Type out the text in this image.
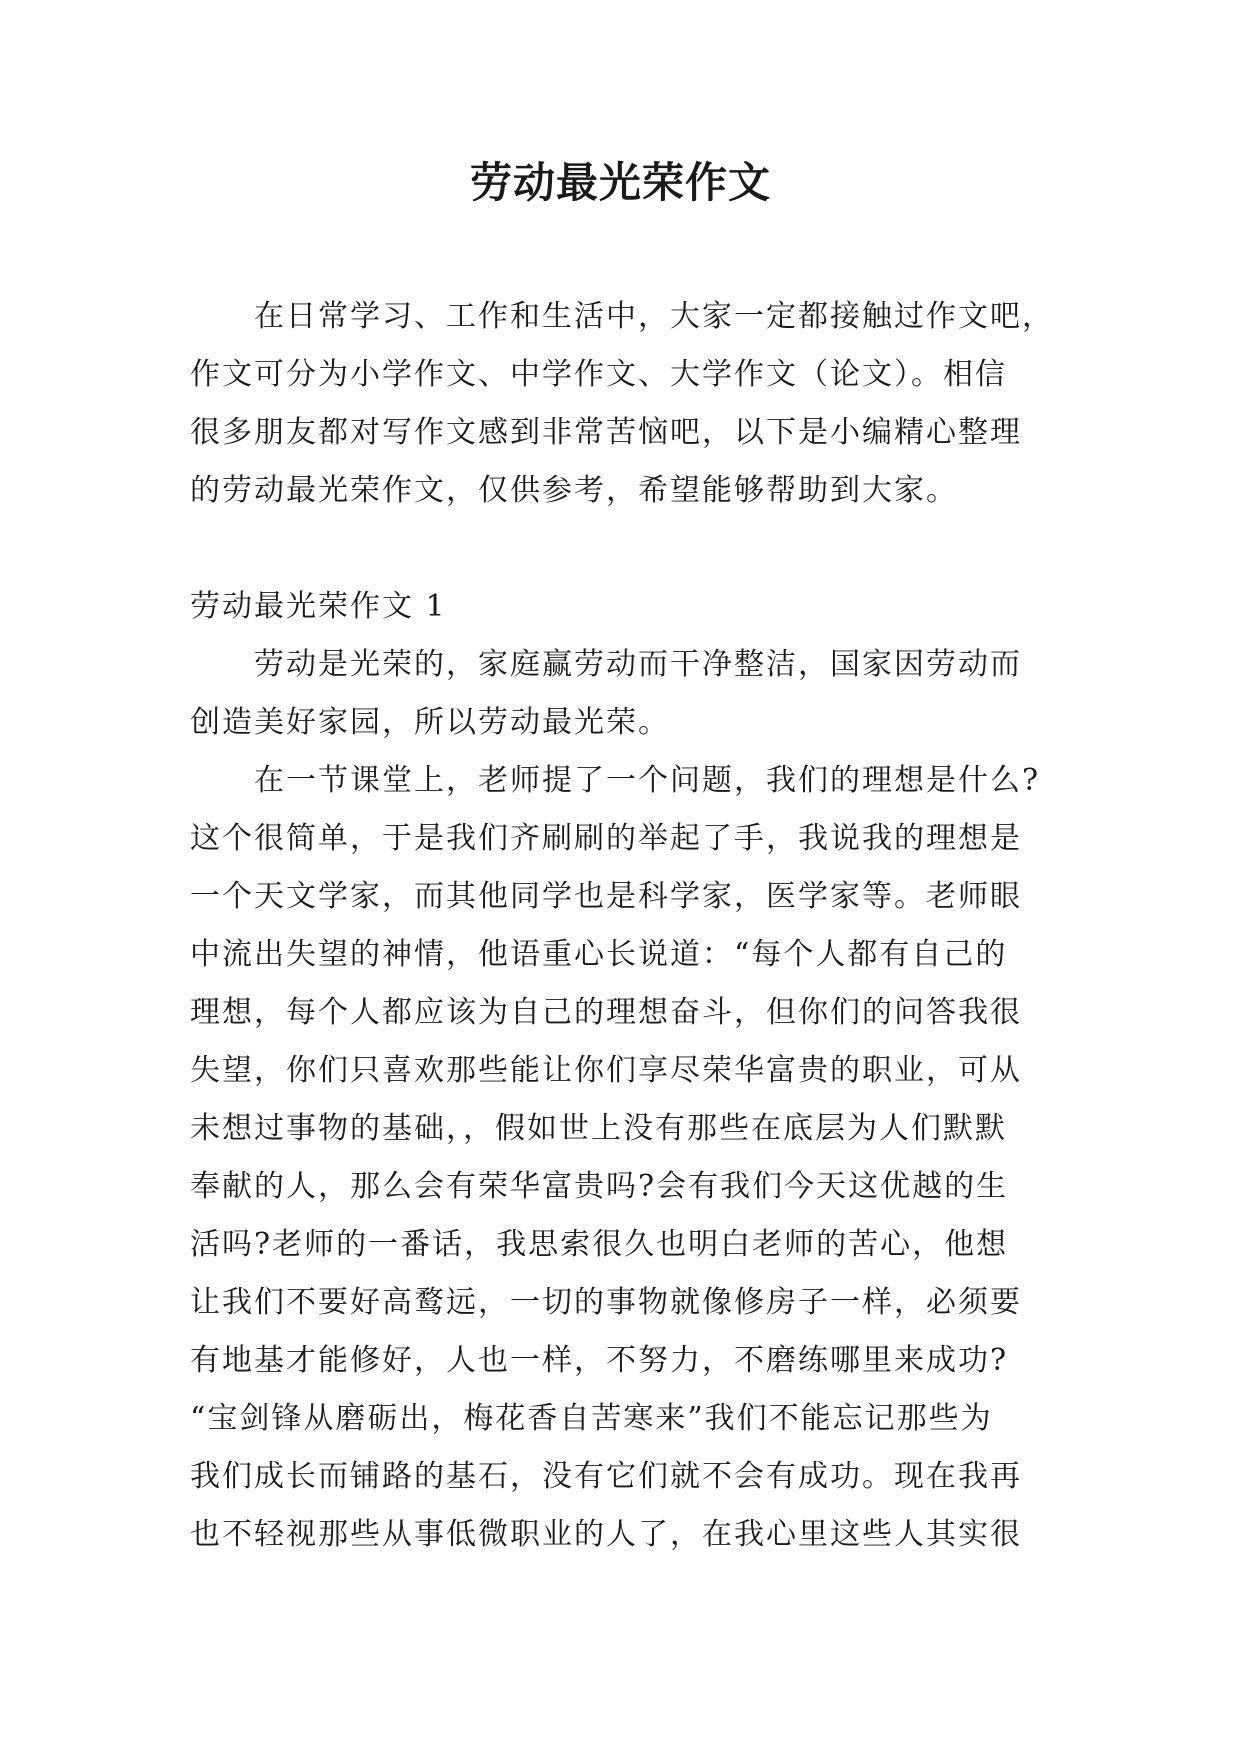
劳动最光荣作文
在日常学习、工作和生活中，大家一定都接触过作文吧，
作文可分为小学作文、中学作文、大学作文（论文）。相信
很多朋友都对写作文感到非常苦恼吧，以下是小编精心整理
的劳动最光荣作文，仅供参考，希望能够帮助到大家。
劳动最光荣作文 1
劳动是光荣的，家庭赢劳动而干净整洁，国家因劳动而
创造美好家园，所以劳动最光荣。
在一节课堂上，老师提了一个问题，我们的理想是什么?
这个很简单，于是我们齐刷刷的举起了手，我说我的理想是
一个天文学家，而其他同学也是科学家，医学家等。老师眼
中流出失望的神情，他语重心长说道：“每个人都有自己的
理想，每个人都应该为自己的理想奋斗，但你们的问答我很
失望，你们只喜欢那些能让你们享尽荣华富贵的职业，可从
未想过事物的基础，，假如世上没有那些在底层为人们默默
奉献的人，那么会有荣华富贵吗?会有我们今天这优越的生
活吗?老师的一番话，我思索很久也明白老师的苦心，他想
让我们不要好高鹜远，一切的事物就像修房子一样，必须要
有地基才能修好，人也一样，不努力，不磨练哪里来成功?
“宝剑锋从磨砺出，梅花香自苦寒来”我们不能忘记那些为
我们成长而铺路的基石，没有它们就不会有成功。现在我再
也不轻视那些从事低微职业的人了，在我心里这些人其实很
